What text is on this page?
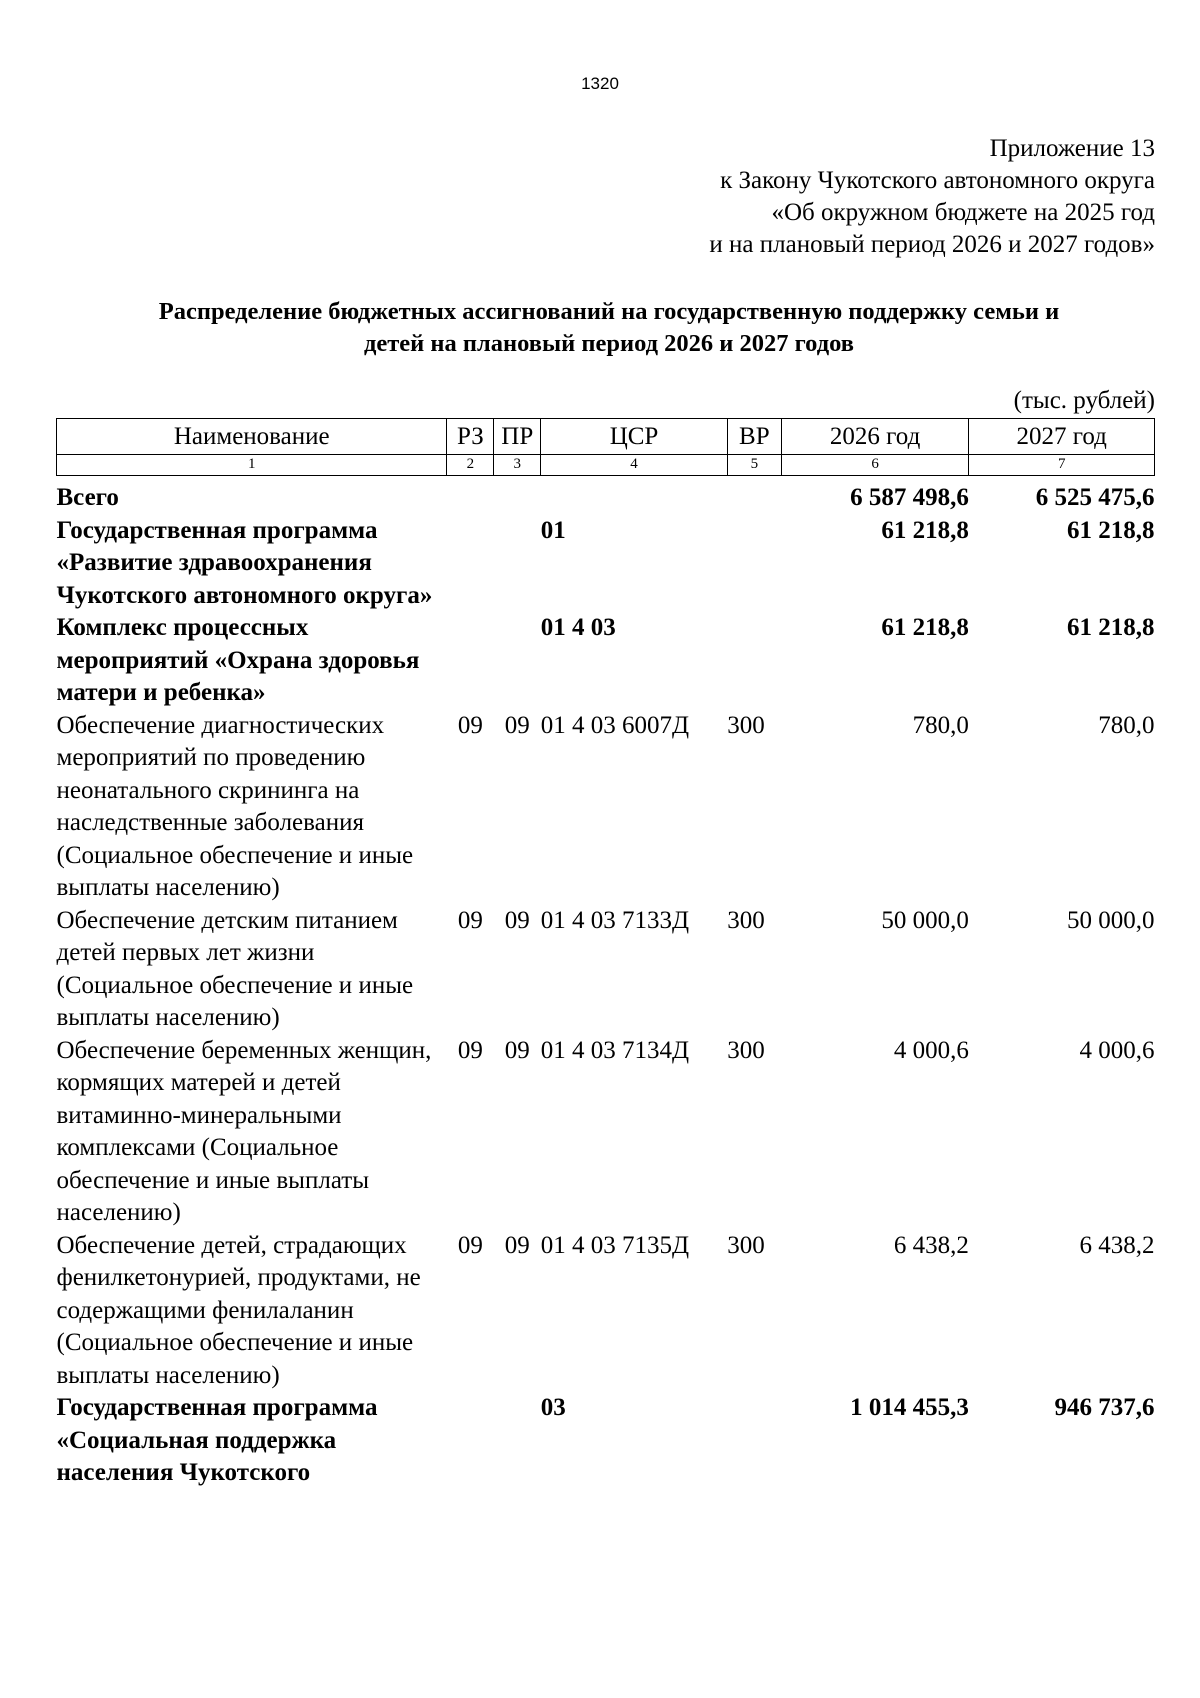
1320
Приложение 13
к Закону Чукотского автономного округа
«Об окружном бюджете на 2025 год
и на плановый период 2026 и 2027 годов»
Распределение бюджетных ассигнований на государственную поддержку семьи и
детей на плановый период 2026 и 2027 годов
(тыс. рублей)
Наименование	РЗ	ПР	ЦСР	ВР	2026 год	2027 год
1	2	3	4	5	6	7
Всего					6 587 498,6	6 525 475,6
Государственная программа «Развитие здравоохранения Чукотского автономного округа»			01		61 218,8	61 218,8
Комплекс процессных мероприятий «Охрана здоровья матери и ребенка»			01 4 03		61 218,8	61 218,8
Обеспечение диагностических мероприятий по проведению неонатального скрининга на наследственные заболевания (Социальное обеспечение и иные выплаты населению)	09	09	01 4 03 6007Д	300	780,0	780,0
Обеспечение детским питанием детей первых лет жизни (Социальное обеспечение и иные выплаты населению)	09	09	01 4 03 7133Д	300	50 000,0	50 000,0
Обеспечение беременных женщин, кормящих матерей и детей витаминно-минеральными комплексами (Социальное обеспечение и иные выплаты населению)	09	09	01 4 03 7134Д	300	4 000,6	4 000,6
Обеспечение детей, страдающих фенилкетонурией, продуктами, не содержащими фенилаланин (Социальное обеспечение и иные выплаты населению)	09	09	01 4 03 7135Д	300	6 438,2	6 438,2
Государственная программа «Социальная поддержка населения Чукотского			03		1 014 455,3	946 737,6
